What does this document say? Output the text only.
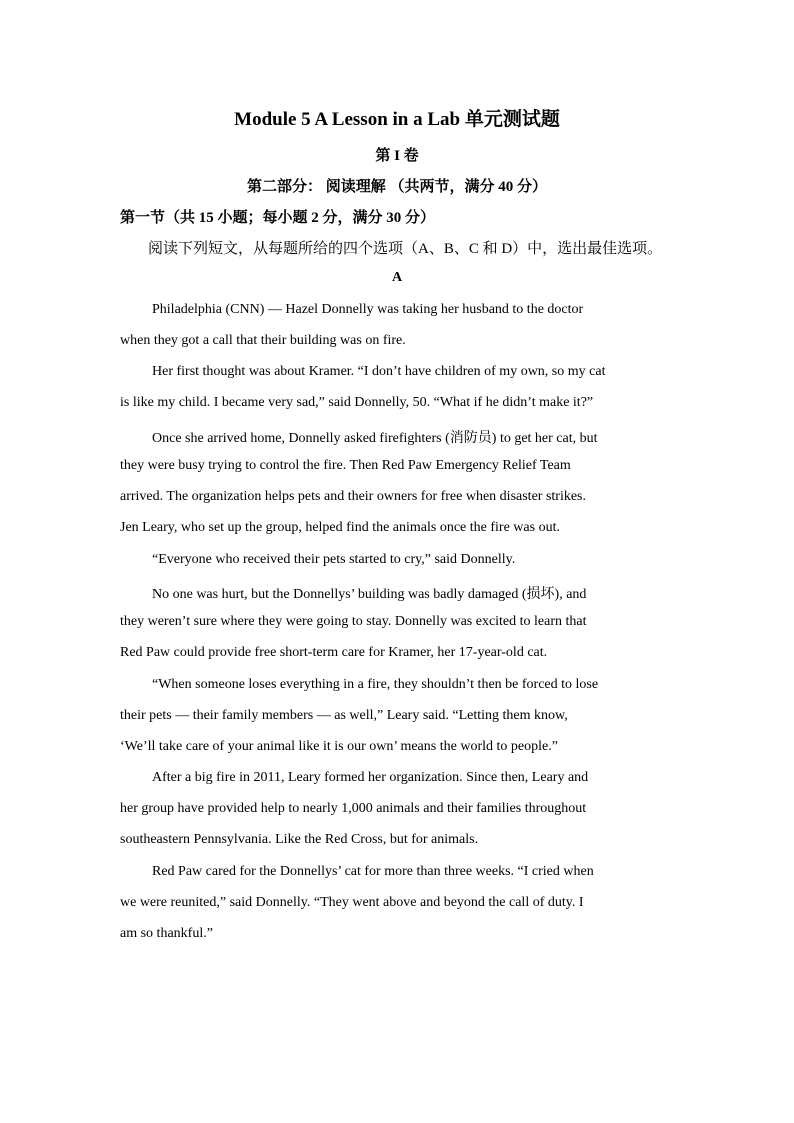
Module 5 A Lesson in a Lab 单元测试题
第 I 卷
第二部分： 阅读理解 （共两节，满分 40 分）
第一节（共 15 小题；每小题 2 分，满分 30 分）
阅读下列短文，从每题所给的四个选项（A、B、C 和 D）中，选出最佳选项。
A
Philadelphia (CNN) — Hazel Donnelly was taking her husband to the doctor
when they got a call that their building was on fire.
Her first thought was about Kramer. “I don’t have children of my own, so my cat
is like my child. I became very sad,” said Donnelly, 50. “What if he didn’t make it?”
Once she arrived home, Donnelly asked firefighters (消防员) to get her cat, but
they were busy trying to control the fire. Then Red Paw Emergency Relief Team
arrived. The organization helps pets and their owners for free when disaster strikes.
Jen Leary, who set up the group, helped find the animals once the fire was out.
“Everyone who received their pets started to cry,” said Donnelly.
No one was hurt, but the Donnellys’ building was badly damaged (损坏), and
they weren’t sure where they were going to stay. Donnelly was excited to learn that
Red Paw could provide free short-term care for Kramer, her 17-year-old cat.
“When someone loses everything in a fire, they shouldn’t then be forced to lose
their pets — their family members — as well,” Leary said. “Letting them know,
‘We’ll take care of your animal like it is our own’ means the world to people.”
After a big fire in 2011, Leary formed her organization. Since then, Leary and
her group have provided help to nearly 1,000 animals and their families throughout
southeastern Pennsylvania. Like the Red Cross, but for animals.
Red Paw cared for the Donnellys’ cat for more than three weeks. “I cried when
we were reunited,” said Donnelly. “They went above and beyond the call of duty. I
am so thankful.”
